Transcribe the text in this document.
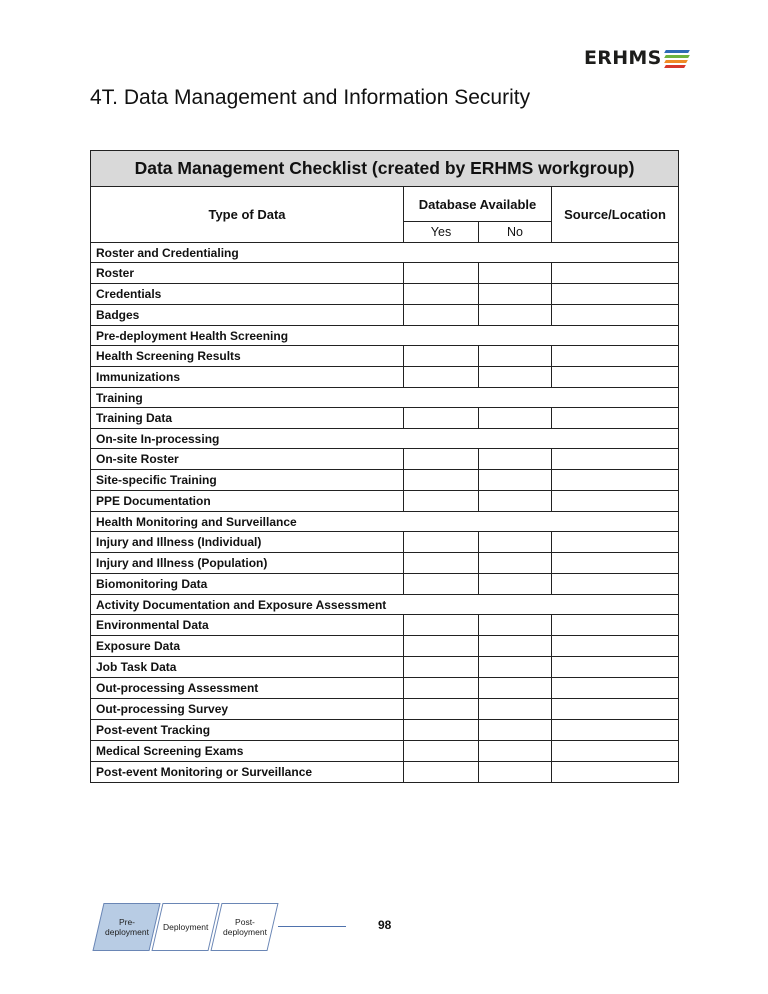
ERHMS
4T. Data Management and Information Security
Data Management Checklist (created by ERHMS workgroup)			
Type of Data	Database Available		Source/Location
	Yes	No	
Roster and Credentialing			
Roster			
Credentials			
Badges			
Pre-deployment Health Screening			
Health Screening Results			
Immunizations			
Training			
Training Data			
On-site In-processing			
On-site Roster			
Site-specific Training			
PPE Documentation			
Health Monitoring and Surveillance			
Injury and Illness (Individual)			
Injury and Illness (Population)			
Biomonitoring Data			
Activity Documentation and Exposure Assessment			
Environmental Data			
Exposure Data			
Job Task Data			
Out-processing Assessment			
Out-processing Survey			
Post-event Tracking			
Medical Screening Exams			
Post-event Monitoring or Surveillance			
Pre-
deployment Deployment	Post-
deployment	98
